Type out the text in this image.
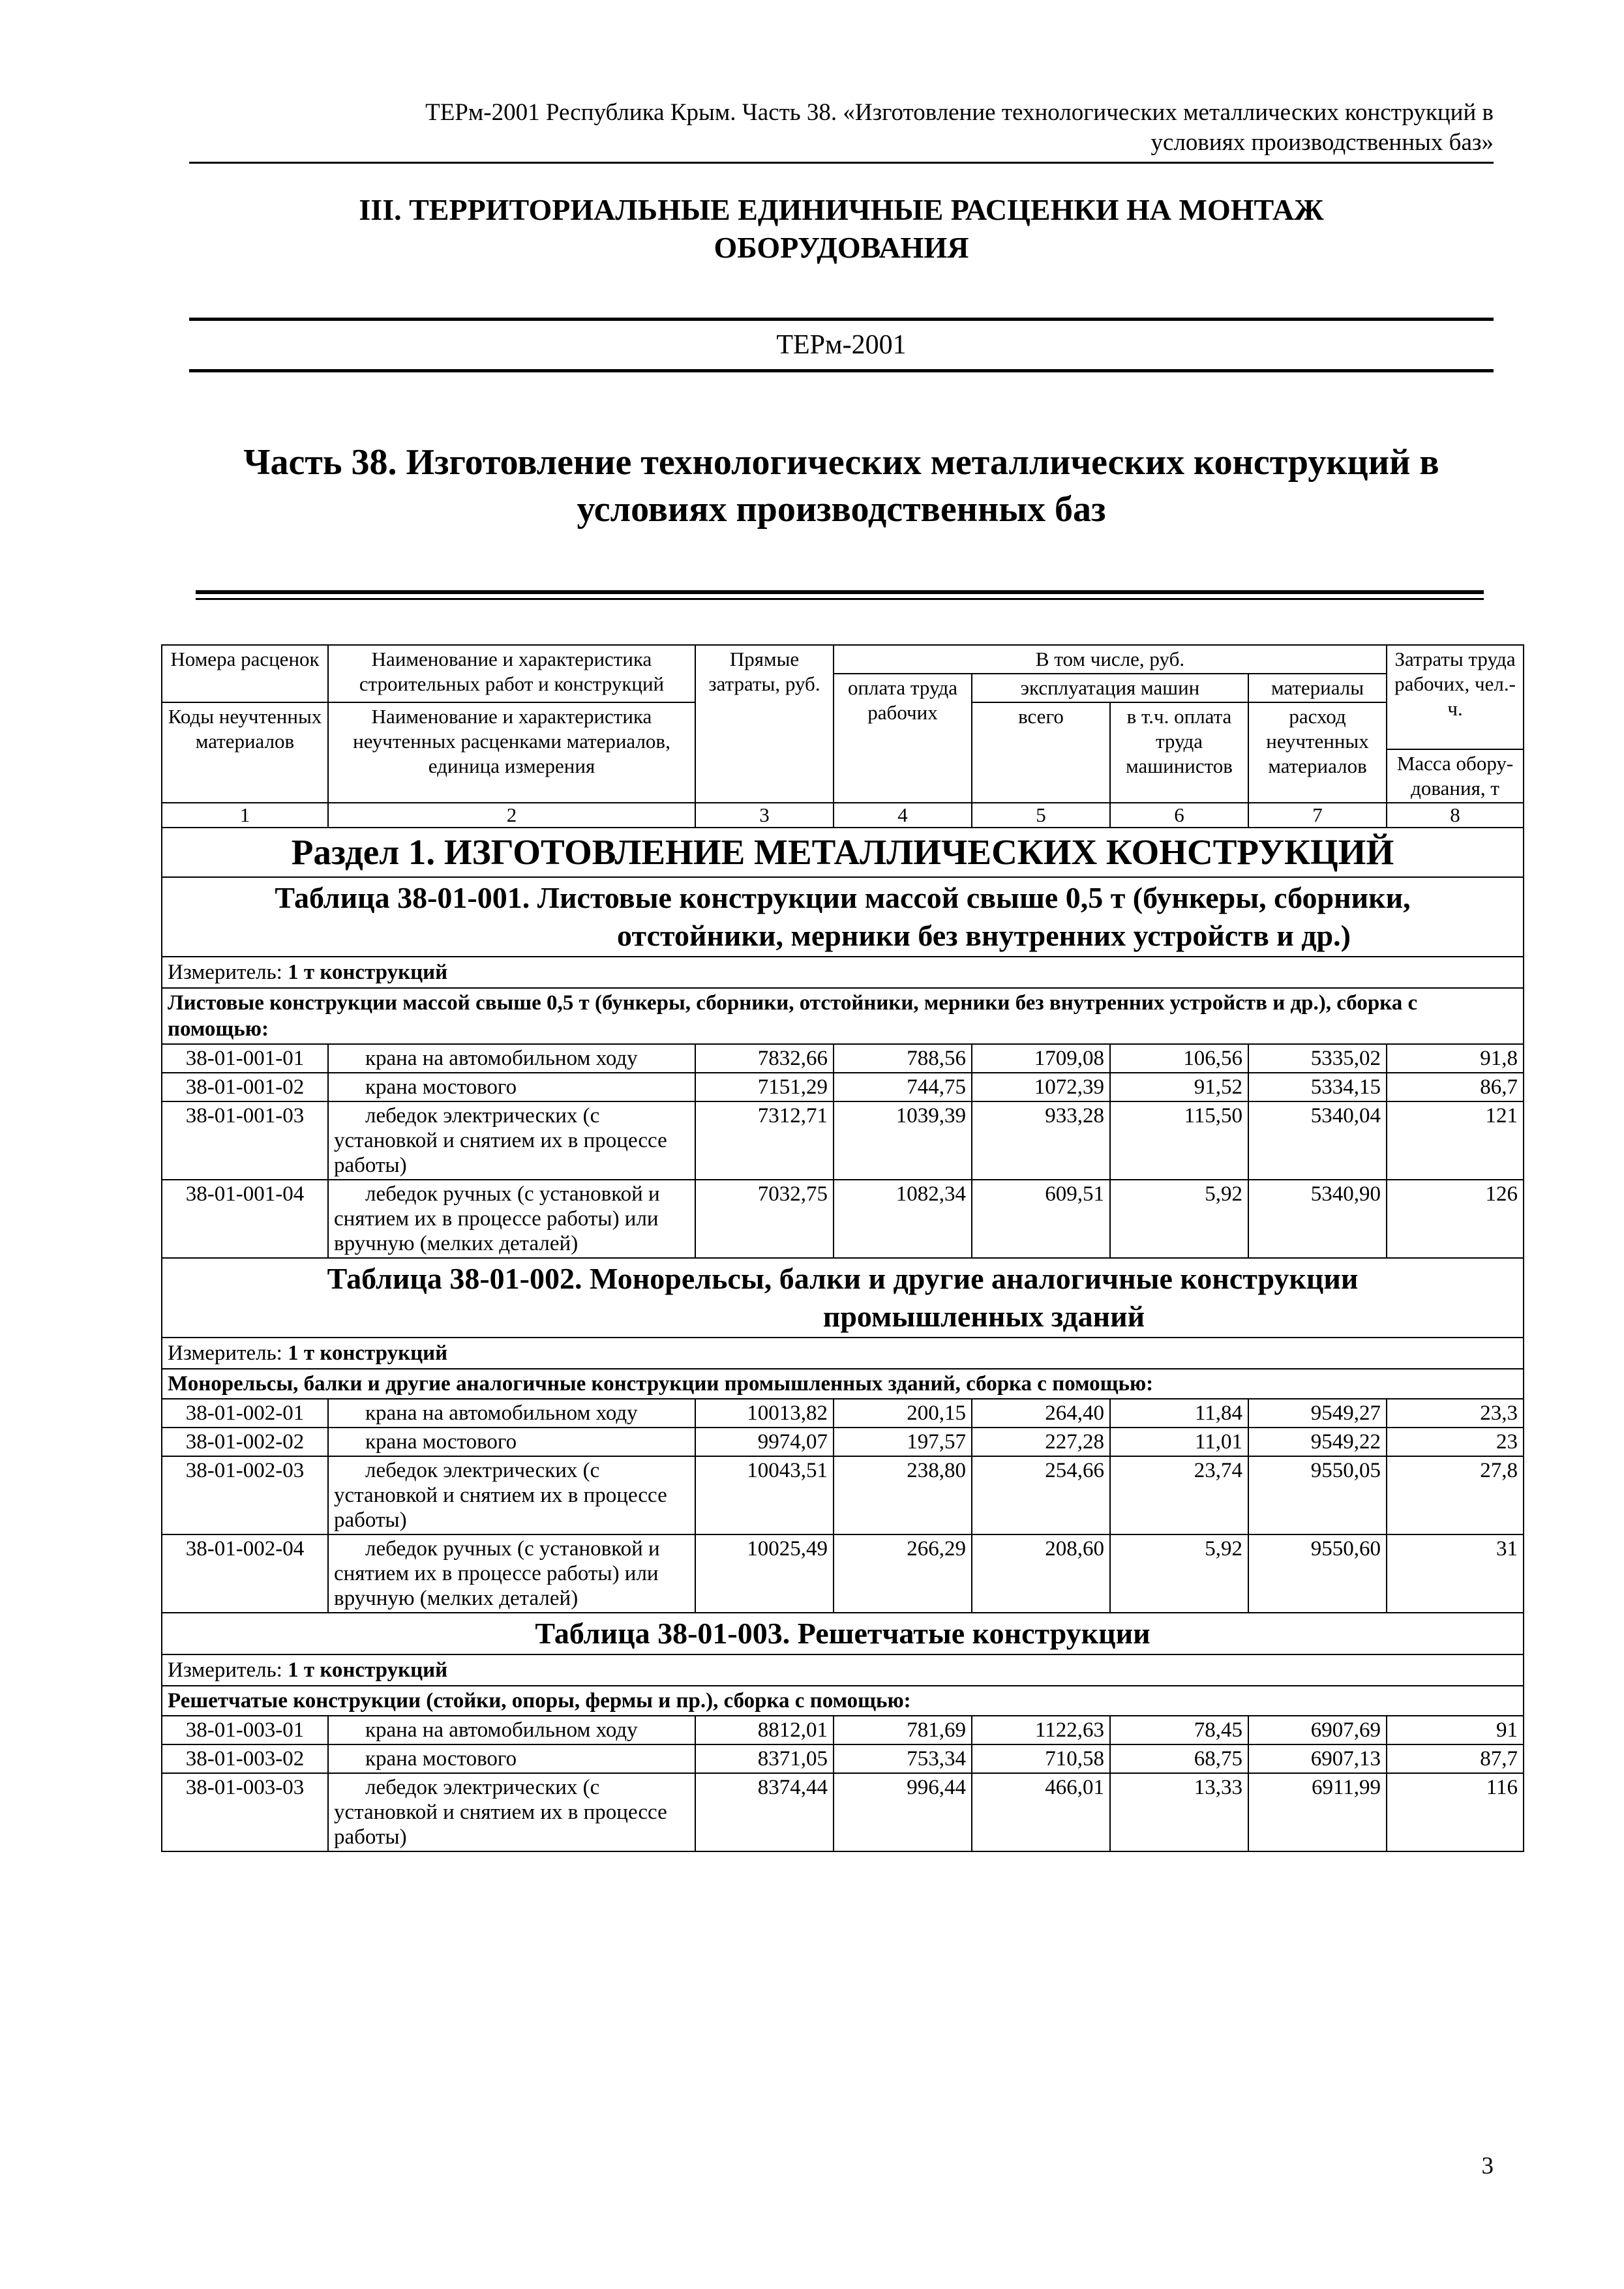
ТЕРм-2001 Республика Крым. Часть 38. «Изготовление технологических металлических конструкций в
условиях производственных баз»
III. ТЕРРИТОРИАЛЬНЫЕ ЕДИНИЧНЫЕ РАСЦЕНКИ НА МОНТАЖ
ОБОРУДОВАНИЯ
ТЕРм-2001
Часть 38. Изготовление технологических металлических конструкций в
условиях производственных баз
Номера расценок	Наименование и характеристика строительных работ и конструкций	Прямые затраты, руб.	В том числе, руб.				Затраты труда рабочих, чел.-ч.
			оплата труда рабочих	эксплуатация машин		материалы	
Коды неучтенных материалов	Наименование и характеристика неучтенных расценками материалов, единица измерения			всего	в т.ч. оплата труда машинистов	расход неучтенных материалов	
							Масса обору-дования, т
1	2	3	4	5	6	7	8
Раздел 1. ИЗГОТОВЛЕНИЕ МЕТАЛЛИЧЕСКИХ КОНСТРУКЦИЙ							
Таблица 38-01-001. Листовые конструкции массой свыше 0,5 т (бункеры, сборники,
отстойники, мерники без внутренних устройств и др.)							

Измеритель: 1 т конструкций							
Листовые конструкции массой свыше 0,5 т (бункеры, сборники, отстойники, мерники без внутренних устройств и др.), сборка с помощью:							
38-01-001-01	крана на автомобильном ходу	7832,66	788,56	1709,08	106,56	5335,02	91,8
38-01-001-02	крана мостового	7151,29	744,75	1072,39	91,52	5334,15	86,7
38-01-001-03	лебедок электрических (с установкой и снятием их в процессе работы)	7312,71	1039,39	933,28	115,50	5340,04	121
38-01-001-04	лебедок ручных (с установкой и снятием их в процессе работы) или вручную (мелких деталей)	7032,75	1082,34	609,51	5,92	5340,90	126
Таблица 38-01-002. Монорельсы, балки и другие аналогичные конструкции
промышленных зданий							

Измеритель: 1 т конструкций							
Монорельсы, балки и другие аналогичные конструкции промышленных зданий, сборка с помощью:							
38-01-002-01	крана на автомобильном ходу	10013,82	200,15	264,40	11,84	9549,27	23,3
38-01-002-02	крана мостового	9974,07	197,57	227,28	11,01	9549,22	23
38-01-002-03	лебедок электрических (с установкой и снятием их в процессе работы)	10043,51	238,80	254,66	23,74	9550,05	27,8
38-01-002-04	лебедок ручных (с установкой и снятием их в процессе работы) или вручную (мелких деталей)	10025,49	266,29	208,60	5,92	9550,60	31
Таблица 38-01-003. Решетчатые конструкции							
Измеритель: 1 т конструкций							
Решетчатые конструкции (стойки, опоры, фермы и пр.), сборка с помощью:							
38-01-003-01	крана на автомобильном ходу	8812,01	781,69	1122,63	78,45	6907,69	91
38-01-003-02	крана мостового	8371,05	753,34	710,58	68,75	6907,13	87,7
38-01-003-03	лебедок электрических (с установкой и снятием их в процессе работы)	8374,44	996,44	466,01	13,33	6911,99	116
3
